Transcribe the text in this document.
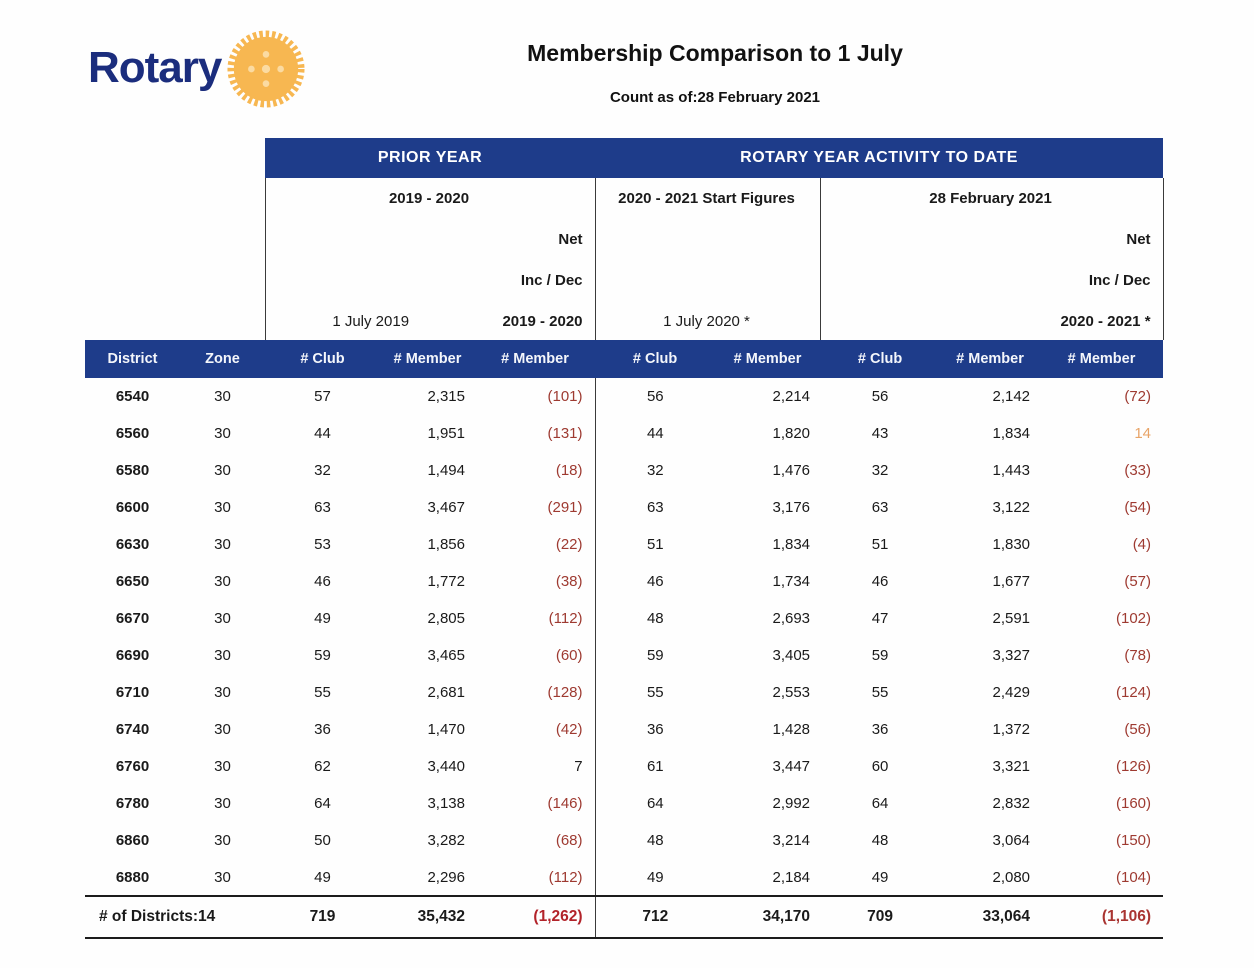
Rotary	Membership Comparison to 1 July
Count as of:28 February 2021
		PRIOR YEAR			ROTARY YEAR ACTIVITY TO DATE				

2019 - 2020
Net
Inc / Dec
1 July 2019	2019 - 2020

2020 - 2021 Start Figures
1 July 2020 *

28 February 2021
Net
Inc / Dec
2020 - 2021 *

District	Zone	# Club	# Member	# Member	# Club	# Member	# Club	# Member	# Member
6540	30	57	2,315	(101)	56	2,214	56	2,142	(72)
6560	30	44	1,951	(131)	44	1,820	43	1,834	14
6580	30	32	1,494	(18)	32	1,476	32	1,443	(33)
6600	30	63	3,467	(291)	63	3,176	63	3,122	(54)
6630	30	53	1,856	(22)	51	1,834	51	1,830	(4)
6650	30	46	1,772	(38)	46	1,734	46	1,677	(57)
6670	30	49	2,805	(112)	48	2,693	47	2,591	(102)
6690	30	59	3,465	(60)	59	3,405	59	3,327	(78)
6710	30	55	2,681	(128)	55	2,553	55	2,429	(124)
6740	30	36	1,470	(42)	36	1,428	36	1,372	(56)
6760	30	62	3,440	7	61	3,447	60	3,321	(126)
6780	30	64	3,138	(146)	64	2,992	64	2,832	(160)
6860	30	50	3,282	(68)	48	3,214	48	3,064	(150)
6880	30	49	2,296	(112)	49	2,184	49	2,080	(104)
# of Districts:14		719	35,432	(1,262)	712	34,170	709	33,064	(1,106)
